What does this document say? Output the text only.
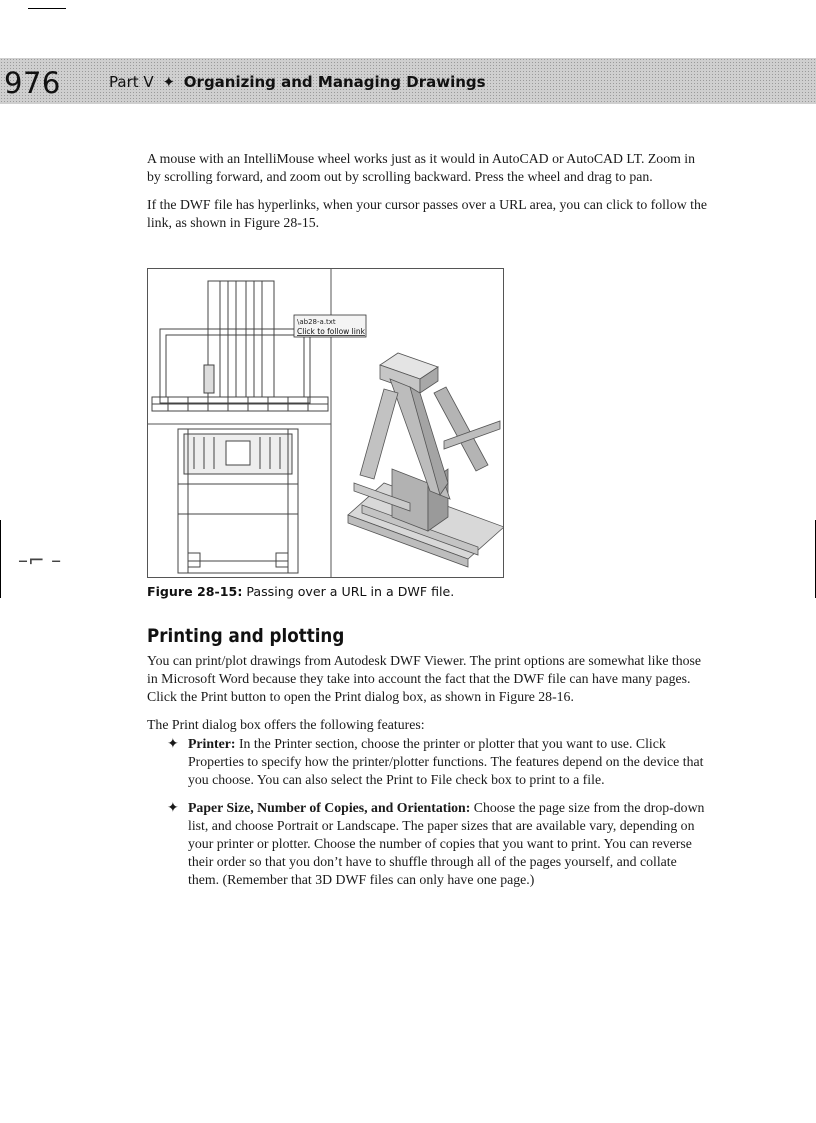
–⌐ –
976	Part V ✦ Organizing and Managing Drawings

A mouse with an IntelliMouse wheel works just as it would in AutoCAD or AutoCAD LT. Zoom in by scrolling forward, and zoom out by scrolling backward. Press the wheel and drag to pan.

If the DWF file has hyperlinks, when your cursor passes over a URL area, you can click to follow the link, as shown in Figure 28-15.

\ab28-a.txt
Click to follow link
Figure 28-15: Passing over a URL in a DWF file.
Printing and plotting

You can print/plot drawings from Autodesk DWF Viewer. The print options are somewhat like those in Microsoft Word because they take into account the fact that the DWF file can have many pages. Click the Print button to open the Print dialog box, as shown in Figure 28-16.

The Print dialog box offers the following features:

✦ Printer: In the Printer section, choose the printer or plotter that you want to use. Click Properties to specify how the printer/plotter functions. The features depend on the device that you choose. You can also select the Print to File check box to print to a file.
✦ Paper Size, Number of Copies, and Orientation: Choose the page size from the drop-down list, and choose Portrait or Landscape. The paper sizes that are available vary, depending on your printer or plotter. Choose the number of copies that you want to print. You can reverse their order so that you don’t have to shuffle through all of the pages yourself, and collate them. (Remember that 3D DWF files can only have one page.)
